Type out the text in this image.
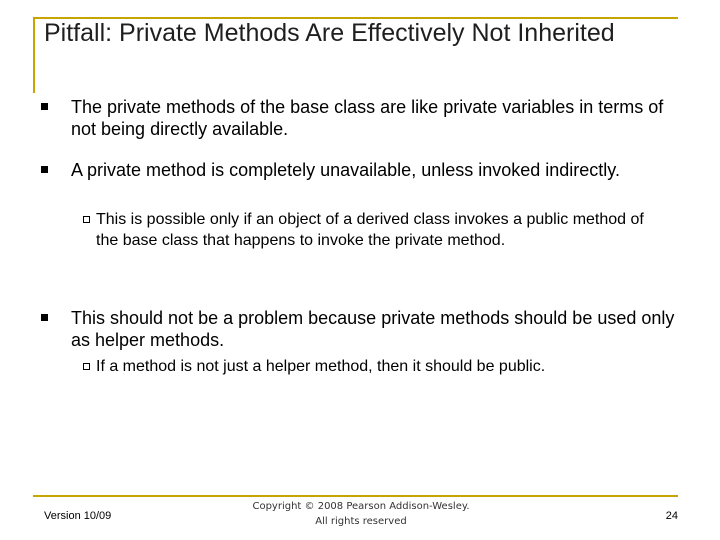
Pitfall: Private Methods Are Effectively Not Inherited
The private methods of the base class are like private variables in terms of not being directly available.
A private method is completely unavailable, unless invoked indirectly.
This is possible only if an object of a derived class invokes a public method of the base class that happens to invoke the private method.
This should not be a problem because private methods should be used only as helper methods.
If a method is not just a helper method, then it should be public.
Version 10/09
Copyright © 2008 Pearson Addison-Wesley.
All rights reserved	24
